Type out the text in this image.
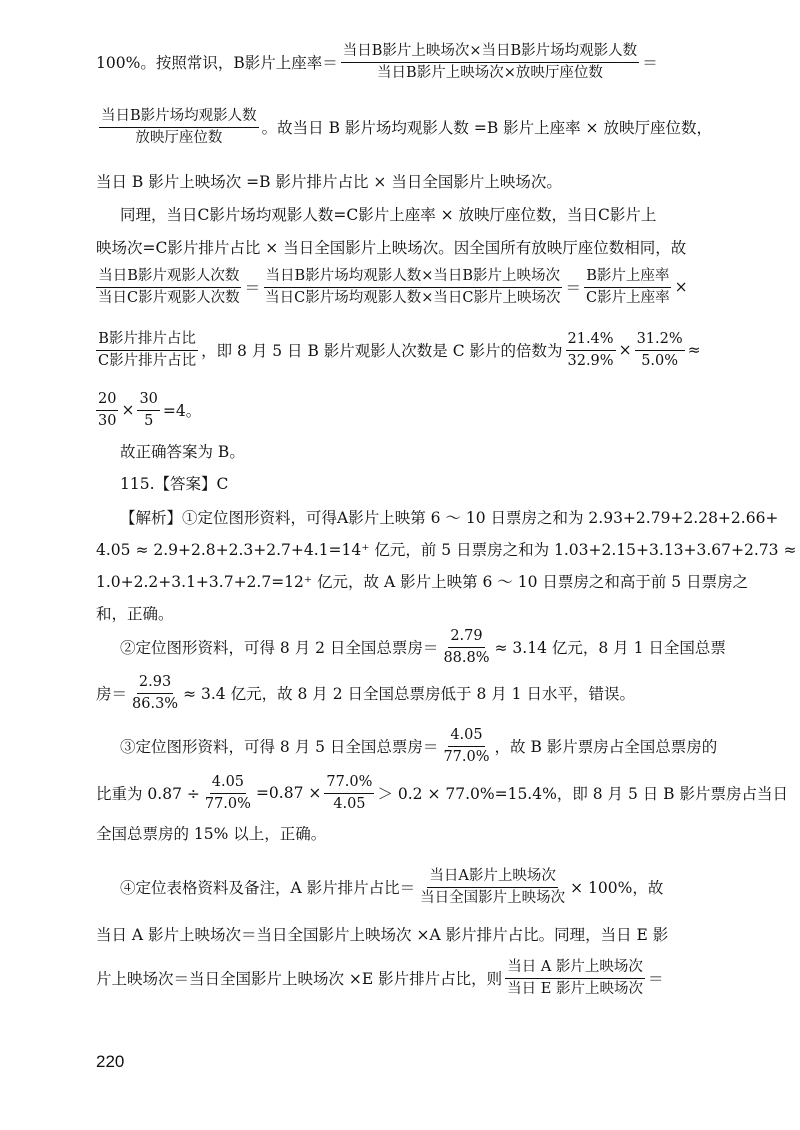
100%。按照常识，B影片上座率＝ $\frac{\text{当日B影片上映场次×当日B影片场均观影人数}}{\text{当日B影片上映场次×放映厅座位数}}$ ＝
$\frac{\text{当日B影片场均观影人数}}{\text{放映厅座位数}}$ 。故当日 B 影片场均观影人数 =B 影片上座率 × 放映厅座位数，
当日 B 影片上映场次 =B 影片排片占比 × 当日全国影片上映场次。
同理，当日C影片场均观影人数=C影片上座率 × 放映厅座位数，当日C影片上
映场次=C影片排片占比 × 当日全国影片上映场次。因全国所有放映厅座位数相同，故
$\frac{\text{当日B影片观影人次数}}{\text{当日C影片观影人次数}} = \frac{\text{当日B影片场均观影人数×当日B影片上映场次}}{\text{当日C影片场均观影人数×当日C影片上映场次}} = \frac{\text{B影片上座率}}{\text{C影片上座率}}$ ×
$\frac{\text{B影片排片占比}}{\text{C影片排片占比}}$ ，即 8 月 5 日 B 影片观影人次数是 C 影片的倍数为 $\frac{21.4\%}{32.9\%} \times \frac{31.2\%}{5.0\%}$ ≈
$\frac{20}{30} \times \frac{30}{5} =4$。
故正确答案为 B。
115.【答案】C
【解析】①定位图形资料，可得A影片上映第 6 ～ 10 日票房之和为 2.93+2.79+2.28+2.66+
4.05 ≈ 2.9+2.8+2.3+2.7+4.1=14⁺ 亿元，前 5 日票房之和为 1.03+2.15+3.13+3.67+2.73 ≈
1.0+2.2+3.1+3.7+2.7=12⁺ 亿元，故 A 影片上映第 6 ～ 10 日票房之和高于前 5 日票房之
和，正确。
②定位图形资料，可得 8 月 2 日全国总票房＝ $\frac{2.79}{88.8\%} \approx 3.14$ 亿元，8 月 1 日全国总票
房＝ $\frac{2.93}{86.3\%} \approx 3.4$ 亿元，故 8 月 2 日全国总票房低于 8 月 1 日水平，错误。
③定位图形资料，可得 8 月 5 日全国总票房＝ $\frac{4.05}{77.0\%}$ ，故 B 影片票房占全国总票房的
比重为 $0.87 \div \frac{4.05}{77.0\%} =0.87 \times \frac{77.0\%}{4.05} > 0.2 \times 77.0\%=15.4\%$，即 8 月 5 日 B 影片票房占当日
全国总票房的 15% 以上，正确。
④定位表格资料及备注，A 影片排片占比＝ $\frac{\text{当日A影片上映场次}}{\text{当日全国影片上映场次}} \times 100\%$，故
当日 A 影片上映场次＝当日全国影片上映场次 ×A 影片排片占比。同理，当日 E 影
片上映场次＝当日全国影片上映场次 ×E 影片排片占比，则 $\frac{\text{当日 A 影片上映场次}}{\text{当日 E 影片上映场次}}$ ＝
220
